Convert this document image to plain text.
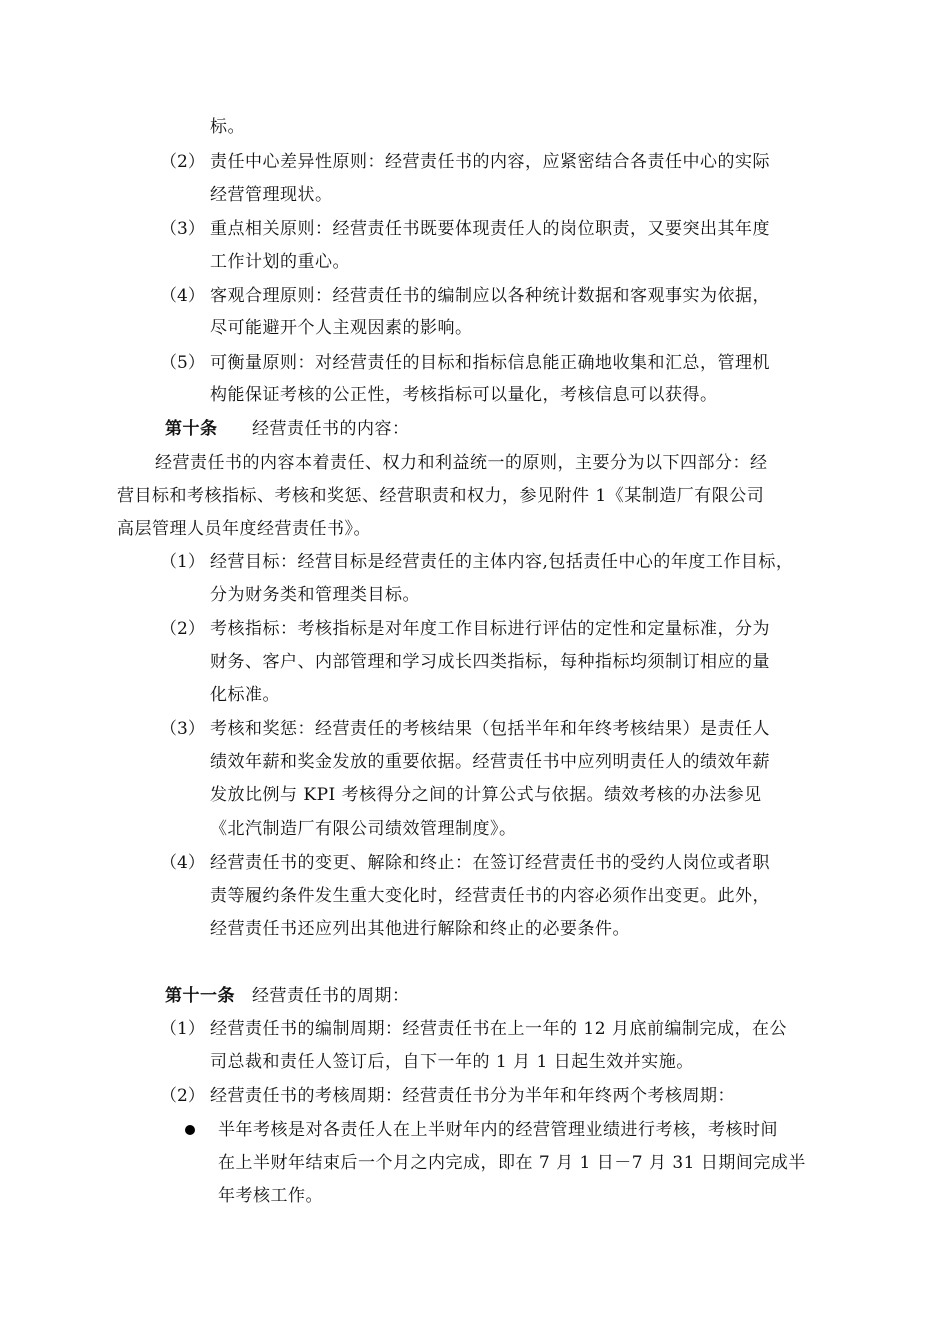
标。
（2） 责任中心差异性原则：经营责任书的内容，应紧密结合各责任中心的实际
经营管理现状。
（3） 重点相关原则：经营责任书既要体现责任人的岗位职责，又要突出其年度
工作计划的重心。
（4） 客观合理原则：经营责任书的编制应以各种统计数据和客观事实为依据，
尽可能避开个人主观因素的影响。
（5） 可衡量原则：对经营责任的目标和指标信息能正确地收集和汇总，管理机
构能保证考核的公正性，考核指标可以量化，考核信息可以获得。
第十条 经营责任书的内容：
经营责任书的内容本着责任、权力和利益统一的原则，主要分为以下四部分：经
营目标和考核指标、考核和奖惩、经营职责和权力，参见附件 1《某制造厂有限公司
高层管理人员年度经营责任书》。
（1） 经营目标：经营目标是经营责任的主体内容,包括责任中心的年度工作目标，
分为财务类和管理类目标。
（2） 考核指标：考核指标是对年度工作目标进行评估的定性和定量标准，分为
财务、客户、内部管理和学习成长四类指标，每种指标均须制订相应的量
化标准。
（3） 考核和奖惩：经营责任的考核结果（包括半年和年终考核结果）是责任人
绩效年薪和奖金发放的重要依据。经营责任书中应列明责任人的绩效年薪
发放比例与 KPI 考核得分之间的计算公式与依据。绩效考核的办法参见
《北汽制造厂有限公司绩效管理制度》。
（4） 经营责任书的变更、解除和终止：在签订经营责任书的受约人岗位或者职
责等履约条件发生重大变化时，经营责任书的内容必须作出变更。此外，
经营责任书还应列出其他进行解除和终止的必要条件。
第十一条 经营责任书的周期：
（1） 经营责任书的编制周期：经营责任书在上一年的 12 月底前编制完成，在公
司总裁和责任人签订后，自下一年的 1 月 1 日起生效并实施。
（2） 经营责任书的考核周期：经营责任书分为半年和年终两个考核周期：
半年考核是对各责任人在上半财年内的经营管理业绩进行考核，考核时间
在上半财年结束后一个月之内完成，即在 7 月 1 日－7 月 31 日期间完成半
年考核工作。
